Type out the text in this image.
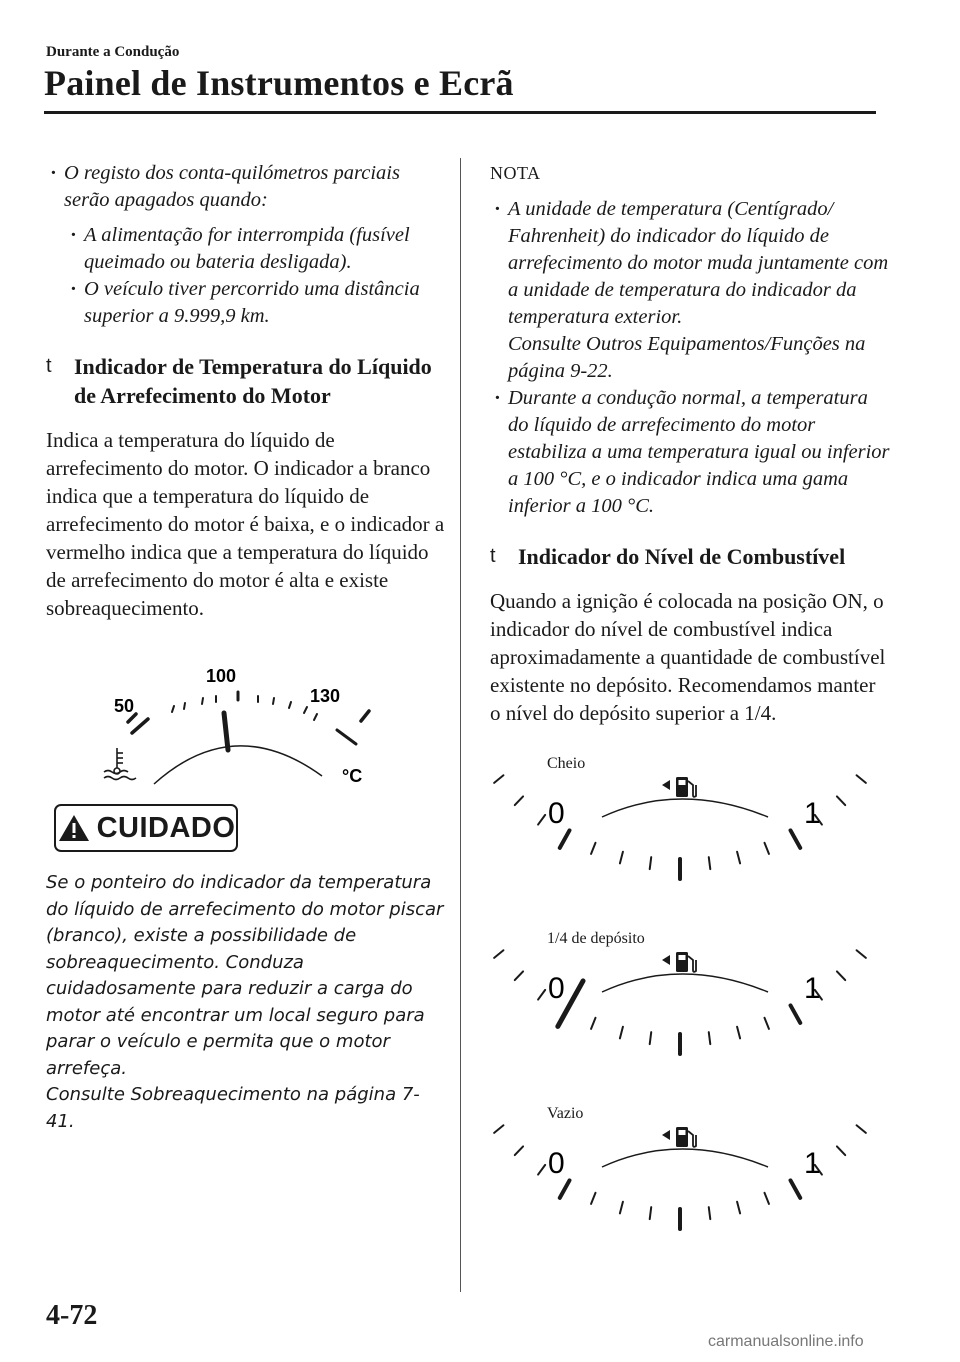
Durante a Condução
Painel de Instrumentos e Ecrã
· O registo dos conta-quilómetros parciais serão apagados quando:
· A alimentação for interrompida (fusível queimado ou bateria desligada).
· O veículo tiver percorrido uma distância superior a 9.999,9 km.
t Indicador de Temperatura do Líquido de Arrefecimento do Motor
Indica a temperatura do líquido de arrefecimento do motor. O indicador a branco indica que a temperatura do líquido de arrefecimento do motor é baixa, e o indicador a vermelho indica que a temperatura do líquido de arrefecimento do motor é alta e existe sobreaquecimento.
50
100
130
°C
CUIDADO
Se o ponteiro do indicador da temperatura do líquido de arrefecimento do motor piscar (branco), existe a possibilidade de sobreaquecimento. Conduza cuidadosamente para reduzir a carga do motor até encontrar um local seguro para parar o veículo e permita que o motor arrefeça.
Consulte Sobreaquecimento na página 7-41.
NOTA
· A unidade de temperatura (Centígrado/ Fahrenheit) do indicador do líquido de arrefecimento do motor muda juntamente com a unidade de temperatura do indicador da temperatura exterior.
Consulte Outros Equipamentos/Funções na página 9-22.
· Durante a condução normal, a temperatura do líquido de arrefecimento do motor estabiliza a uma temperatura igual ou inferior a 100 °C, e o indicador indica uma gama inferior a 100 °C.
t Indicador do Nível de Combustível
Quando a ignição é colocada na posição ON, o indicador do nível de combustível indica aproximadamente a quantidade de combustível existente no depósito. Recomendamos manter o nível do depósito superior a 1/4.
Cheio
0	1
1/4 de depósito
0	1
Vazio
0	1
4-72
carmanualsonline.info
